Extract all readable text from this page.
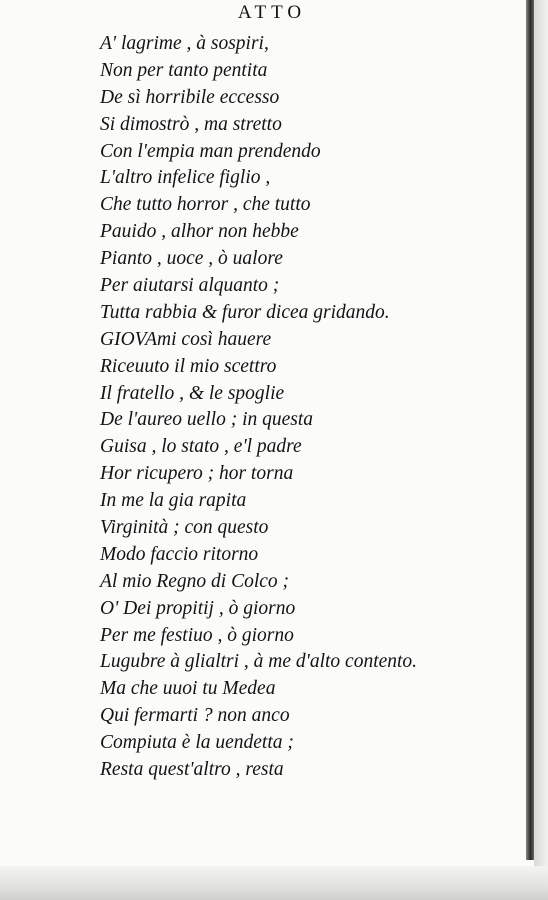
ATTO
A' lagrime , à sospiri,
Non per tanto pentita
De sì horribile eccesso
Si dimostrò , ma stretto
Con l'empia man prendendo
L'altro infelice figlio ,
Che tutto horror , che tutto
Pauido , alhor non hebbe
Pianto , uoce , ò ualore
Per aiutarsi alquanto ;
Tutta rabbia & furor dicea gridando.
GIOVAmi così hauere
Riceuuto il mio scettro
Il fratello , & le spoglie
De l'aureo uello ; in questa
Guisa , lo stato , e'l padre
Hor ricupero ; hor torna
In me la gia rapita
Virginità ; con questo
Modo faccio ritorno
Al mio Regno di Colco ;
O' Dei propitij , ò giorno
Per me festiuo , ò giorno
Lugubre à glialtri , à me d'alto contento.
Ma che uuoi tu Medea
Qui fermarti ? non anco
Compiuta è la uendetta ;
Resta quest'altro , resta
